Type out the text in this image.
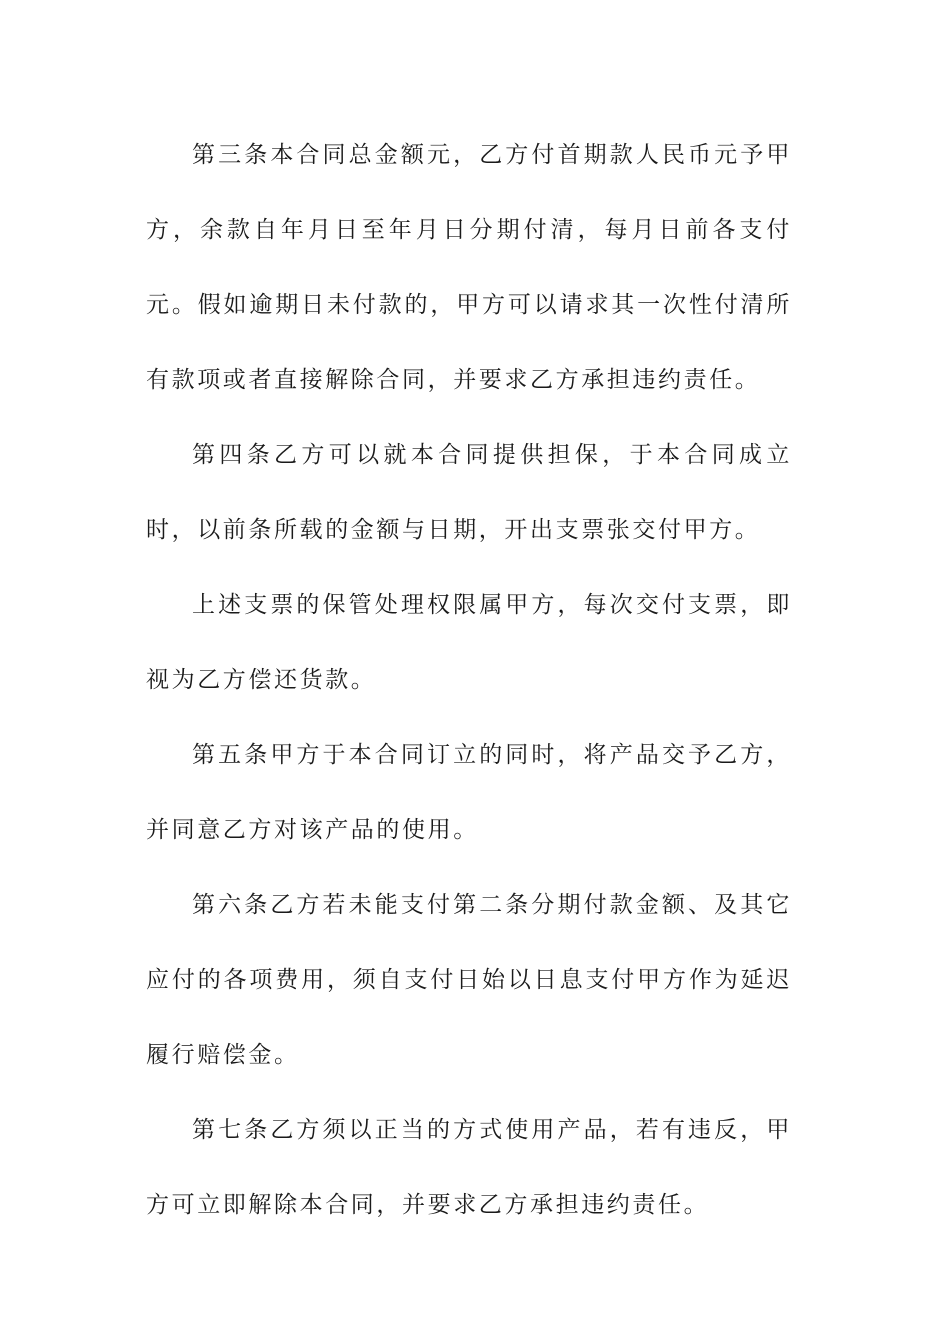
第三条本合同总金额元，乙方付首期款人民币元予甲方，余款自年月日至年月日分期付清，每月日前各支付元。假如逾期日未付款的，甲方可以请求其一次性付清所有款项或者直接解除合同，并要求乙方承担违约责任。

第四条乙方可以就本合同提供担保，于本合同成立时，以前条所载的金额与日期，开出支票张交付甲方。

上述支票的保管处理权限属甲方，每次交付支票，即视为乙方偿还货款。

第五条甲方于本合同订立的同时，将产品交予乙方，并同意乙方对该产品的使用。

第六条乙方若未能支付第二条分期付款金额、及其它应付的各项费用，须自支付日始以日息支付甲方作为延迟履行赔偿金。

第七条乙方须以正当的方式使用产品，若有违反，甲方可立即解除本合同，并要求乙方承担违约责任。
